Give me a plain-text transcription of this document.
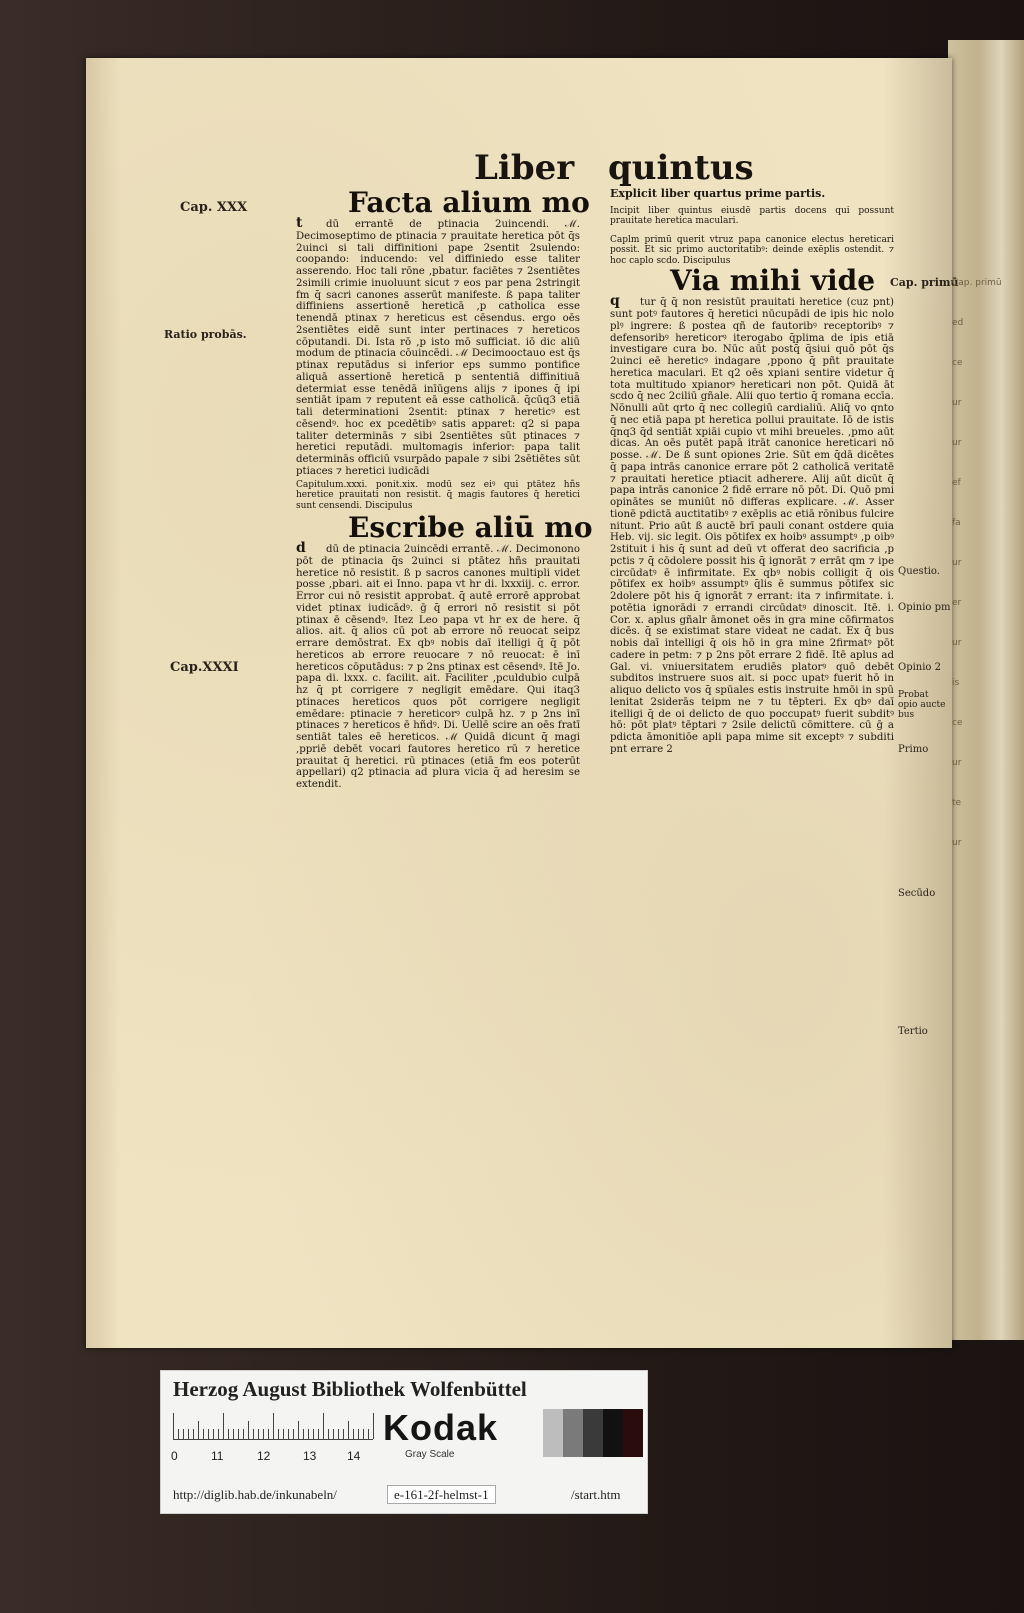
Liber quintus
Cap. XXX
Ratio probās.
Cap.XXXI
Facta alium mo

t dū errantē de ptinacia 2uincendi. ℳ. Decimoseptimo de ptinacia ⁊ prauitate heretica pōt q̄s 2uinci si tali diffinitioni pape 2sentit 2sulendo: coopando: inducendo: vel diffiniedo esse taliter asserendo. Hoc tali rōne ,pbatur. faciētes ⁊ 2sentiētes 2simili crimie inuoluunt sicut ⁊ eos par pena 2stringit fm q̄ sacri canones asserūt manifeste. ß papa taliter diffiniens assertionē hereticā ,p catholica esse tenendā ptinax ⁊ hereticus est cēsendus. ergo oēs 2sentiētes eidē sunt inter pertinaces ⁊ hereticos cōputandi. Di. Ista rō ,p isto mō sufficiat. iō dic aliū modum de ptinacia cōuincēdi. ℳ Decimooctauo est q̄s ptinax reputādus si inferior eps summo pontifice aliquā assertionē hereticā p sententiā diffinitiuā determiat esse tenēdā inīūgens alijs ⁊ ipones q̄ ipi sentiāt ipam ⁊ reputent eā esse catholicā. q̄cūq3 etiā tali determinationi 2sentit: ptinax ⁊ hereticꝰ est cēsendꝰ. hoc ex pcedētibꝰ satis apparet: q2 si papa taliter determinās ⁊ sibi 2sentiētes sūt ptinaces ⁊ heretici reputādi. multomagis inferior: papa talit determinās officiū vsurpādo papale ⁊ sibi 2sētiētes sūt ptiaces ⁊ heretici iudicādi

Capitulum.xxxi. ponit.xix. modū sez eiꝰ qui ptātez hñs heretice prauitati non resistit. q̄ magis fautores q̄ heretici sunt censendi. Discipulus

Escribe aliū mo

d dū de ptinacia 2uincēdi errantē. ℳ. Decimonono pōt de ptinacia q̄s 2uinci si ptātez hñs prauitati heretice nō resistit. ß p sacros canones multipli videt posse ,pbari. ait ei Inno. papa vt hr di. lxxxiij. c. error. Error cui nō resistit approbat. q̄ autē errorē approbat videt ptinax iudicādꝰ. ḡ q̄ errori nō resistit si pōt ptinax ē cēsendꝰ. Itez Leo papa vt hr ex de here. q̄ alios. ait. q̄ alios cū pot ab errore nō reuocat seipz errare demōstrat. Ex qbꝰ nobis daī itelligi q̄ q̄ pōt hereticos ab errore reuocare ⁊ nō reuocat: ē inī hereticos cōputādus: ⁊ p 2ns ptinax est cēsendꝰ. Itē Jo. papa di. lxxx. c. facilit. ait. Faciliter ,pculdubio culpā hz q̄ pt corrigere ⁊ negligit emēdare. Qui itaq3 ptinaces hereticos quos pōt corrigere negligit emēdare: ptinacie ⁊ hereticorꝰ culpā hz. ⁊ p 2ns inī ptinaces ⁊ hereticos ē hñdꝰ. Di. Uellē scire an oēs fratī sentiāt tales eē hereticos. ℳ Quidā dicunt q̄ magi ,ppriē debēt vocari fautores heretico rū ⁊ heretice prauitat q̄ heretici. rū ptinaces (etiā fm eos poterūt appellari) q2 ptinacia ad plura vicia q̄ ad heresim se extendit.

Explicit liber quartus prime partis.

Incipit liber quintus eiusdē partis docens qui possunt prauitate heretica maculari.

Caplm primū querit vtruz papa canonice electus hereticari possit. Et sic primo auctoritatibꝰ: deinde exēplis ostendit. ⁊ hoc caplo scdo. Discipulus

Via mihi vide

q tur q̄ q̄ non resistūt prauitati heretice (cuz pnt) sunt potꝰ fautores q̄ heretici nūcupādi de ipis hic nolo plꝰ ingrere: ß postea qñ de fautoribꝰ receptoribꝰ ⁊ defensoribꝰ hereticorꝰ iterogabo q̄plima de ipis etiā investigare cura bo. Nūc aūt postq̄ q̄siui quō pōt q̄s 2uinci eē hereticꝰ indagare ,ppono q̄ pñt prauitate heretica maculari. Et q2 oēs xpiani sentire videtur q̄ tota multitudo xpianorꝰ hereticari non pōt. Quidā āt scdo q̄ nec 2ciliū gñale. Alii quo tertio q̄ romana eccīa. Nōnulli aūt qrto q̄ nec collegiū cardialiū. Aliq̄ vo qnto q̄ nec etiā papa pt heretica pollui prauitate. Iō de istis q̄nq3 q̄d sentiāt xpiāi cupio vt mihi breueles. ,pmo aūt dicas. An oēs putēt papā itrāt canonice hereticari nō posse. ℳ. De ß sunt opiones 2rie. Sūt em q̄dā dicētes q̄ papa intrās canonice errare pōt 2 catholicā veritatē ⁊ prauitati heretice ptiacit adherere. Alij aūt dicūt q̄ papa intrās canonice 2 fidē errare nō pōt. Di. Quō pmi opinātes se muniūt nō differas explicare. ℳ. Asser tionē pdictā auctitatibꝰ ⁊ exēplis ac etiā rōnibus fulcire nitunt. Prio aūt ß auctē brī pauli conant ostdere quia Heb. vij. sic legit. Ois pōtifex ex hoibꝰ assumptꝰ ,p oibꝰ 2stituit i his q̄ sunt ad deū vt offerat deo sacrificia ,p pctis ⁊ q̄ cōdolere possit his q̄ ignorāt ⁊ errāt qm ⁊ ipe circūdatꝰ ē infirmitate. Ex qbꝰ nobis colligit q̄ ois pōtifex ex hoibꝰ assumptꝰ q̄lis ē summus pōtifex sic 2dolere pōt his q̄ ignorāt ⁊ errant: ita ⁊ infirmitate. i. potētia ignorādi ⁊ errandi circūdatꝰ dinoscit. Itē. i. Cor. x. aplus gñalr āmonet oēs in gra mine cōfirmatos dicēs. q̄ se existimat stare videat ne cadat. Ex q̄ bus nobis daī intelligi q̄ ois hō in gra mine 2firmatꝰ pōt cadere in petm: ⁊ p 2ns pōt errare 2 fidē. Itē aplus ad Gal. vi. vniuersitatem erudiēs platorꝰ quō debēt subditos instruere suos ait. si pocc upatꝰ fuerit hō in aliquo delicto vos q̄ spūales estis instruite hmōi in spū lenitat 2siderās teipm ne ⁊ tu tēpteri. Ex qbꝰ daī itelligi q̄ de oi delicto de quo poccupatꝰ fuerit subditꝰ hō: pōt platꝰ tēptari ⁊ 2sile delictū cōmittere. cū ḡ a pdicta āmonitiōe apli papa mime sit exceptꝰ ⁊ subditi pnt errare 2

Cap. primū
Questio.
Opinio pm
Opinio 2
Probat opio aucte bus
Primo
Secūdo
Tertio
Cap. primū
ed
ce
ur
ur
ef
fa
ur
er
ur
is
ce
ur
te
ur
Herzog August Bibliothek Wolfenbüttel
0	11	12	13	14
Kodak
Gray Scale
http://diglib.hab.de/inkunabeln/	e-161-2f-helmst-1	/start.htm
